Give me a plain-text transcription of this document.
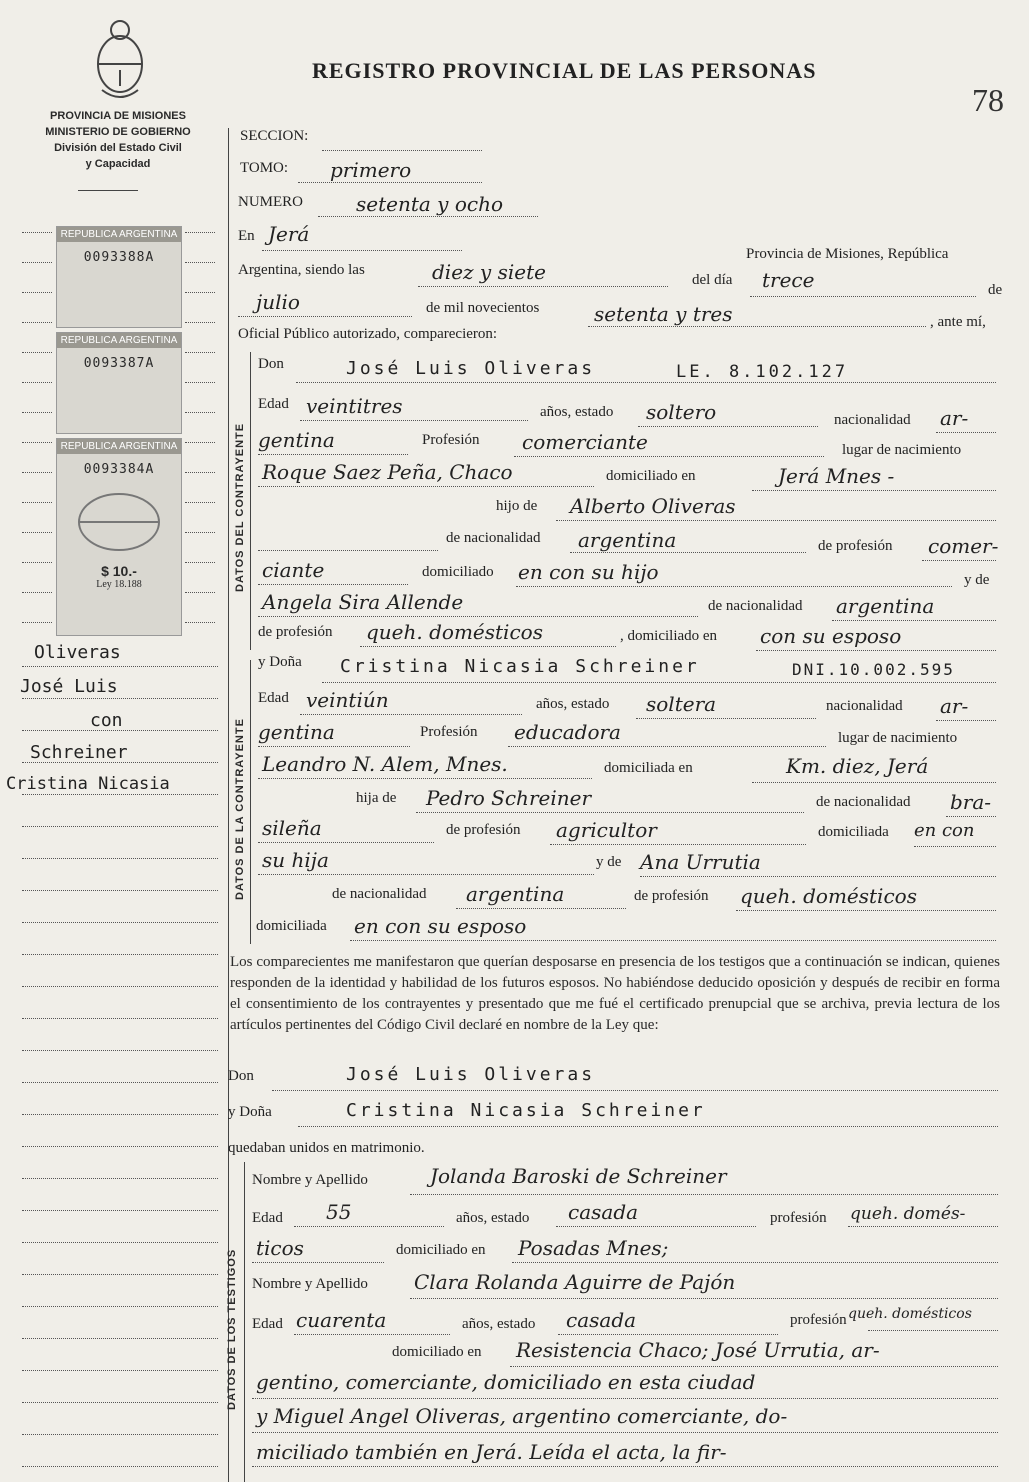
PROVINCIA DE MISIONES
MINISTERIO DE GOBIERNO
División del Estado Civil
y Capacidad
REGISTRO PROVINCIAL DE LAS PERSONAS
78
REPUBLICA ARGENTINA
0093388A
REPUBLICA ARGENTINA
0093387A
REPUBLICA ARGENTINA
0093384A
$ 10.-
Ley 18.188
Oliveras
José Luis
con
Schreiner
Cristina Nicasia
SECCION:
TOMO: primero
NUMERO	setenta y ocho
En Jerá
Provincia de Misiones, República
Argentina, siendo las	diez y siete	del día trece	de
julio	de mil novecientos	setenta y tres	, ante mí,
Oficial Público autorizado, comparecieron:
DATOS DEL CONTRAYENTE
Don	José Luis Oliveras	LE. 8.102.127
Edad veintitres	años, estado soltero	nacionalidad ar-
gentina	Profesión comerciante	lugar de nacimiento
Roque Saez Peña, Chaco	domiciliado en	Jerá Mnes -
hijo de Alberto Oliveras
de nacionalidad argentina	de profesión comer-
ciante	domiciliado en con su hijo	y de
Angela Sira Allende	de nacionalidad argentina
de profesión queh. domésticos	, domiciliado en con su esposo
DATOS DE LA CONTRAYENTE
y Doña Cristina Nicasia Schreiner	DNI.10.002.595
Edad veintiún	años, estado soltera	nacionalidad ar-
gentina	Profesión educadora	lugar de nacimiento
Leandro N. Alem, Mnes.	domiciliada en	Km. diez, Jerá
hija de Pedro Schreiner	de nacionalidad bra-
sileña	de profesión agricultor	domiciliada en con
su hija	y de Ana Urrutia
de nacionalidad argentina	de profesión queh. domésticos
domiciliada en con su esposo
Los comparecientes me manifestaron que querían desposarse en presencia de los testigos que a continuación se indican, quienes responden de la identidad y habilidad de los futuros esposos. No habiéndose deducido oposición y después de recibir en forma el consentimiento de los contrayentes y presentado que me fué el certificado prenupcial que se archiva, previa lectura de los artículos pertinentes del Código Civil declaré en nombre de la Ley que:
Don	José Luis Oliveras
y Doña	Cristina Nicasia Schreiner
quedaban unidos en matrimonio.
DATOS DE LOS TESTIGOS
Nombre y Apellido	Jolanda Baroski de Schreiner
Edad 55	años, estado casada	profesión queh. domés-
ticos	domiciliado en Posadas Mnes;
Nombre y Apellido Clara Rolanda Aguirre de Pajón
Edad cuarenta	años, estado casada	profesión queh. domésticos
domiciliado en Resistencia Chaco; José Urrutia, ar-
gentino, comerciante, domiciliado en esta ciudad
y Miguel Angel Oliveras, argentino comerciante, do-
miciliado también en Jerá. Leída el acta, la fir-
